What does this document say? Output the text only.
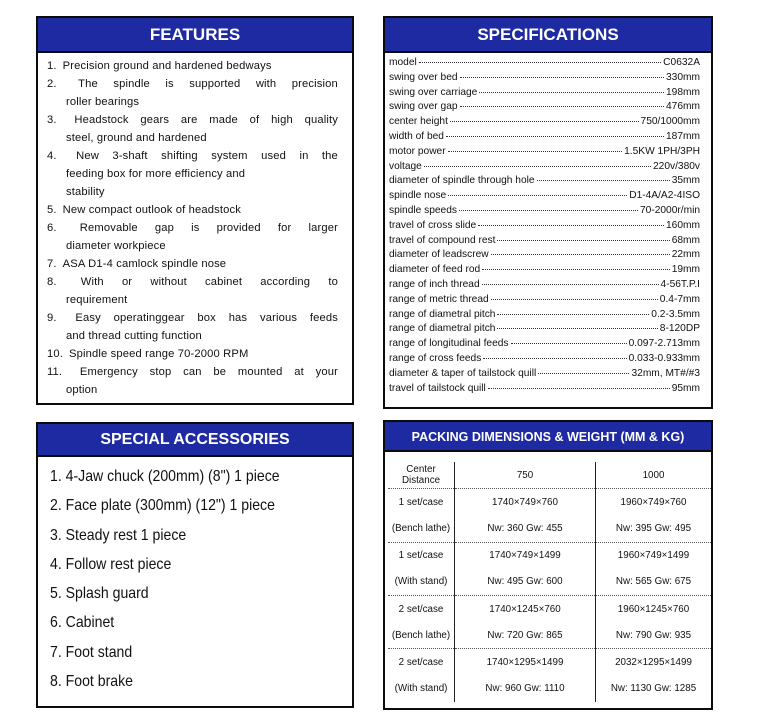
FEATURES
1. Precision ground and hardened bedways
2. The spindle is supported with precision
roller bearings
3. Headstock gears are made of high quality
steel, ground and hardened
4. New 3-shaft shifting system used in the
feeding box for more efficiency and
stability
5. New compact outlook of headstock
6. Removable gap is provided for larger
diameter workpiece
7. ASA D1-4 camlock spindle nose
8. With or without cabinet according to
requirement
9. Easy operatinggear box has various feeds
and thread cutting function
10. Spindle speed range 70-2000 RPM
11. Emergency stop can be mounted at your
option
SPECIFICATIONS
model	C0632A
swing over bed	330mm
swing over carriage	198mm
swing over gap	476mm
center height	750/1000mm
width of bed	187mm
motor power	1.5KW 1PH/3PH
voltage	220v/380v
diameter of spindle through hole	35mm
spindle nose	D1-4A/A2-4ISO
spindle speeds	70-2000r/min
travel of cross slide	160mm
travel of compound rest	68mm
diameter of leadscrew	22mm
diameter of feed rod	19mm
range of inch thread	4-56T.P.I
range of metric thread	0.4-7mm
range of diametral pitch	0.2-3.5mm
range of diametral pitch	8-120DP
range of longitudinal feeds	0.097-2.713mm
range of cross feeds	0.033-0.933mm
diameter & taper of tailstock quill	32mm, MT#/#3
travel of tailstock quill	95mm
SPECIAL ACCESSORIES
1. 4-Jaw chuck (200mm) (8") 1 piece
2. Face plate (300mm) (12") 1 piece
3. Steady rest 1 piece
4. Follow rest piece
5. Splash guard
6. Cabinet
7. Foot stand
8. Foot brake
PACKING DIMENSIONS & WEIGHT (MM & KG)
Center Distance	750	1000
1 set/case	1740×749×760	1960×749×760
(Bench lathe)	Nw: 360 Gw: 455	Nw: 395 Gw: 495
1 set/case	1740×749×1499	1960×749×1499
(With stand)	Nw: 495 Gw: 600	Nw: 565 Gw: 675
2 set/case	1740×1245×760	1960×1245×760
(Bench lathe)	Nw: 720 Gw: 865	Nw: 790 Gw: 935
2 set/case	1740×1295×1499	2032×1295×1499
(With stand)	Nw: 960 Gw: 1110	Nw: 1130 Gw: 1285
